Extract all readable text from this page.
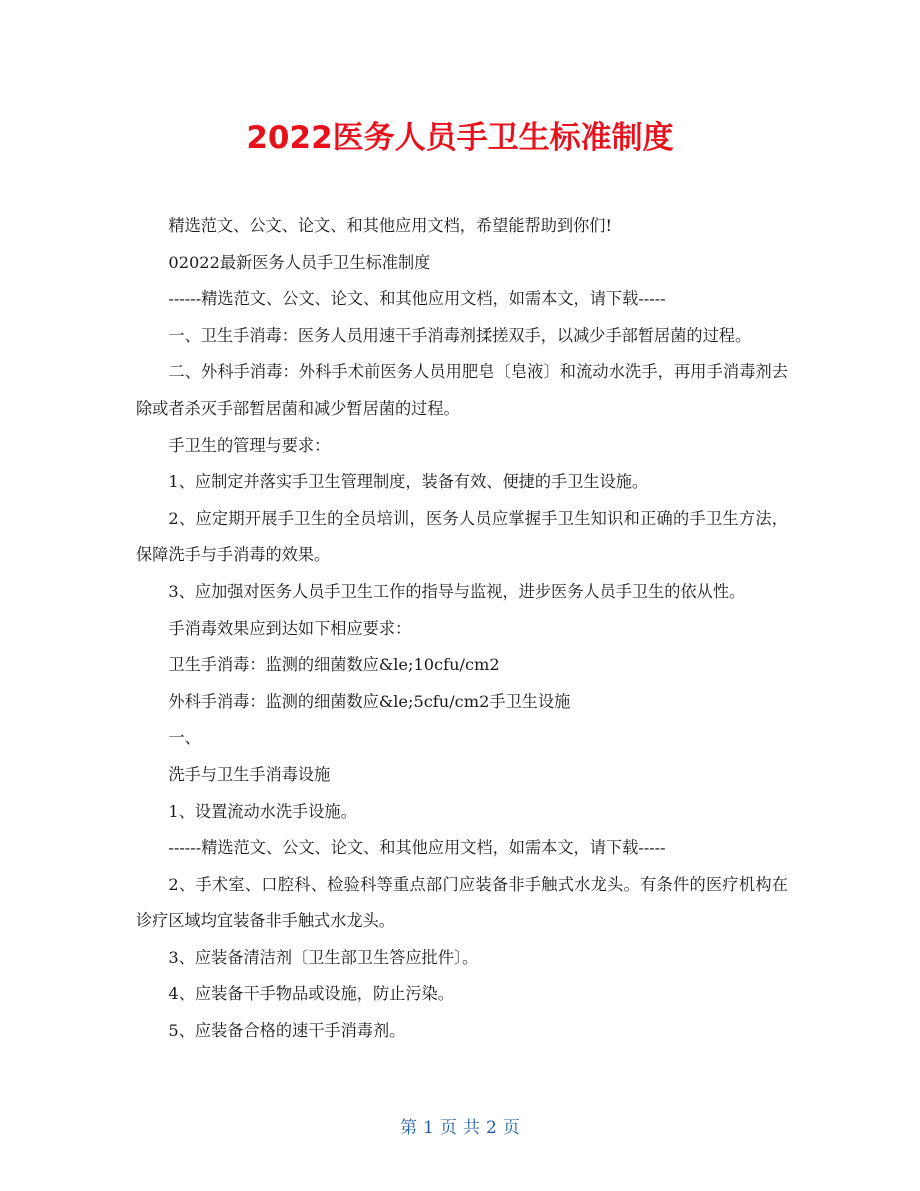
2022医务人员手卫生标准制度

精选范文、公文、论文、和其他应用文档，希望能帮助到你们!

02022最新医务人员手卫生标准制度

------精选范文、公文、论文、和其他应用文档，如需本文，请下载-----

一、卫生手消毒：医务人员用速干手消毒剂揉搓双手，以减少手部暂居菌的过程。

二、外科手消毒：外科手术前医务人员用肥皂〔皂液〕和流动水洗手，再用手消毒剂去除或者杀灭手部暂居菌和减少暂居菌的过程。

手卫生的管理与要求：

1、应制定并落实手卫生管理制度，装备有效、便捷的手卫生设施。

2、应定期开展手卫生的全员培训，医务人员应掌握手卫生知识和正确的手卫生方法，保障洗手与手消毒的效果。

3、应加强对医务人员手卫生工作的指导与监视，进步医务人员手卫生的依从性。

手消毒效果应到达如下相应要求：

卫生手消毒：监测的细菌数应&le;10cfu/cm2

外科手消毒：监测的细菌数应&le;5cfu/cm2手卫生设施

一、

洗手与卫生手消毒设施

1、设置流动水洗手设施。

------精选范文、公文、论文、和其他应用文档，如需本文，请下载-----

2、手术室、口腔科、检验科等重点部门应装备非手触式水龙头。有条件的医疗机构在诊疗区域均宜装备非手触式水龙头。

3、应装备清洁剂〔卫生部卫生答应批件〕。

4、应装备干手物品或设施，防止污染。

5、应装备合格的速干手消毒剂。

第 1 页 共 2 页
